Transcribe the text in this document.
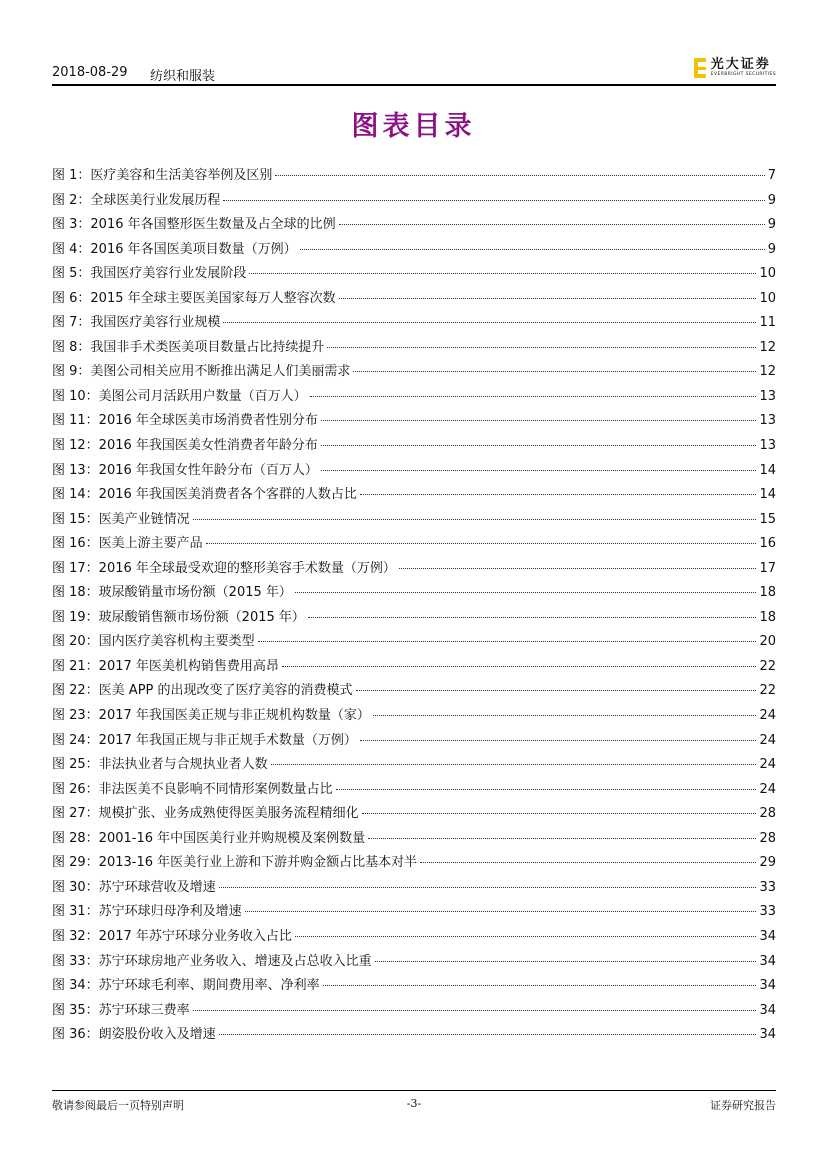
2018-08-29 纺织和服装
光大证券
EVERBRIGHT SECURITIES
图表目录
图 1：医疗美容和生活美容举例及区别	7
图 2：全球医美行业发展历程	9
图 3：2016 年各国整形医生数量及占全球的比例	9
图 4：2016 年各国医美项目数量（万例）	9
图 5：我国医疗美容行业发展阶段	10
图 6：2015 年全球主要医美国家每万人整容次数	10
图 7：我国医疗美容行业规模	11
图 8：我国非手术类医美项目数量占比持续提升	12
图 9：美图公司相关应用不断推出满足人们美丽需求	12
图 10：美图公司月活跃用户数量（百万人）	13
图 11：2016 年全球医美市场消费者性别分布	13
图 12：2016 年我国医美女性消费者年龄分布	13
图 13：2016 年我国女性年龄分布（百万人）	14
图 14：2016 年我国医美消费者各个客群的人数占比	14
图 15：医美产业链情况	15
图 16：医美上游主要产品	16
图 17：2016 年全球最受欢迎的整形美容手术数量（万例）	17
图 18：玻尿酸销量市场份额（2015 年）	18
图 19：玻尿酸销售额市场份额（2015 年）	18
图 20：国内医疗美容机构主要类型	20
图 21：2017 年医美机构销售费用高昂	22
图 22：医美 APP 的出现改变了医疗美容的消费模式	22
图 23：2017 年我国医美正规与非正规机构数量（家）	24
图 24：2017 年我国正规与非正规手术数量（万例）	24
图 25：非法执业者与合规执业者人数	24
图 26：非法医美不良影响不同情形案例数量占比	24
图 27：规模扩张、业务成熟使得医美服务流程精细化	28
图 28：2001-16 年中国医美行业并购规模及案例数量	28
图 29：2013-16 年医美行业上游和下游并购金额占比基本对半	29
图 30：苏宁环球营收及增速	33
图 31：苏宁环球归母净利及增速	33
图 32：2017 年苏宁环球分业务收入占比	34
图 33：苏宁环球房地产业务收入、增速及占总收入比重	34
图 34：苏宁环球毛利率、期间费用率、净利率	34
图 35：苏宁环球三费率	34
图 36：朗姿股份收入及增速	34
敬请参阅最后一页特别声明	-3-	证券研究报告
